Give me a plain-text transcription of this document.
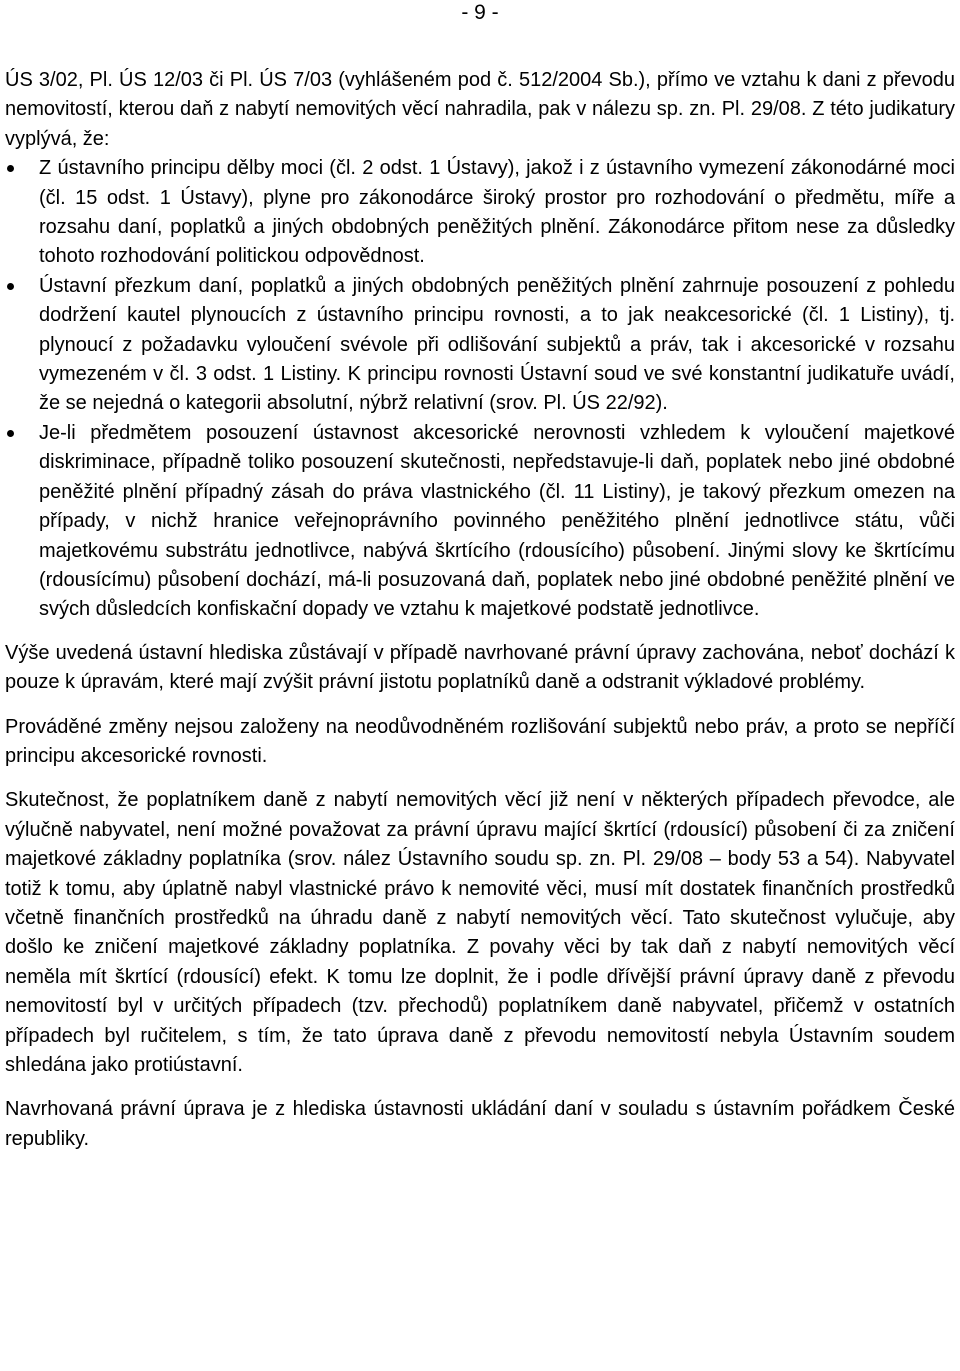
- 9 -

ÚS 3/02, Pl. ÚS 12/03 či Pl. ÚS 7/03 (vyhlášeném pod č. 512/2004 Sb.), přímo ve vztahu k dani z převodu nemovitostí, kterou daň z nabytí nemovitých věcí nahradila, pak v nálezu sp. zn. Pl. 29/08. Z této judikatury vyplývá, že:

Z ústavního principu dělby moci (čl. 2 odst. 1 Ústavy), jakož i z ústavního vymezení zákonodárné moci (čl. 15 odst. 1 Ústavy), plyne pro zákonodárce široký prostor pro rozhodování o předmětu, míře a rozsahu daní, poplatků a jiných obdobných peněžitých plnění. Zákonodárce přitom nese za důsledky tohoto rozhodování politickou odpovědnost.
Ústavní přezkum daní, poplatků a jiných obdobných peněžitých plnění zahrnuje posouzení z pohledu dodržení kautel plynoucích z ústavního principu rovnosti, a to jak neakcesorické (čl. 1 Listiny), tj. plynoucí z požadavku vyloučení svévole při odlišování subjektů a práv, tak i akcesorické v rozsahu vymezeném v čl. 3 odst. 1 Listiny. K principu rovnosti Ústavní soud ve své konstantní judikatuře uvádí, že se nejedná o kategorii absolutní, nýbrž relativní (srov. Pl. ÚS 22/92).
Je-li předmětem posouzení ústavnost akcesorické nerovnosti vzhledem k vyloučení majetkové diskriminace, případně toliko posouzení skutečnosti, nepředstavuje-li daň, poplatek nebo jiné obdobné peněžité plnění případný zásah do práva vlastnického (čl. 11 Listiny), je takový přezkum omezen na případy, v nichž hranice veřejnoprávního povinného peněžitého plnění jednotlivce státu, vůči majetkovému substrátu jednotlivce, nabývá škrtícího (rdousícího) působení. Jinými slovy ke škrtícímu (rdousícímu) působení dochází, má-li posuzovaná daň, poplatek nebo jiné obdobné peněžité plnění ve svých důsledcích konfiskační dopady ve vztahu k majetkové podstatě jednotlivce.

Výše uvedená ústavní hlediska zůstávají v případě navrhované právní úpravy zachována, neboť dochází k pouze k úpravám, které mají zvýšit právní jistotu poplatníků daně a odstranit výkladové problémy.

Prováděné změny nejsou založeny na neodůvodněném rozlišování subjektů nebo práv, a proto se nepříčí principu akcesorické rovnosti.

Skutečnost, že poplatníkem daně z nabytí nemovitých věcí již není v některých případech převodce, ale výlučně nabyvatel, není možné považovat za právní úpravu mající škrtící (rdousící) působení či za zničení majetkové základny poplatníka (srov. nález Ústavního soudu sp. zn. Pl. 29/08 – body 53 a 54). Nabyvatel totiž k tomu, aby úplatně nabyl vlastnické právo k nemovité věci, musí mít dostatek finančních prostředků včetně finančních prostředků na úhradu daně z nabytí nemovitých věcí. Tato skutečnost vylučuje, aby došlo ke zničení majetkové základny poplatníka. Z povahy věci by tak daň z nabytí nemovitých věcí neměla mít škrtící (rdousící) efekt. K tomu lze doplnit, že i podle dřívější právní úpravy daně z převodu nemovitostí byl v určitých případech (tzv. přechodů) poplatníkem daně nabyvatel, přičemž v ostatních případech byl ručitelem, s tím, že tato úprava daně z převodu nemovitostí nebyla Ústavním soudem shledána jako protiústavní.

Navrhovaná právní úprava je z hlediska ústavnosti ukládání daní v souladu s ústavním pořádkem České republiky.
